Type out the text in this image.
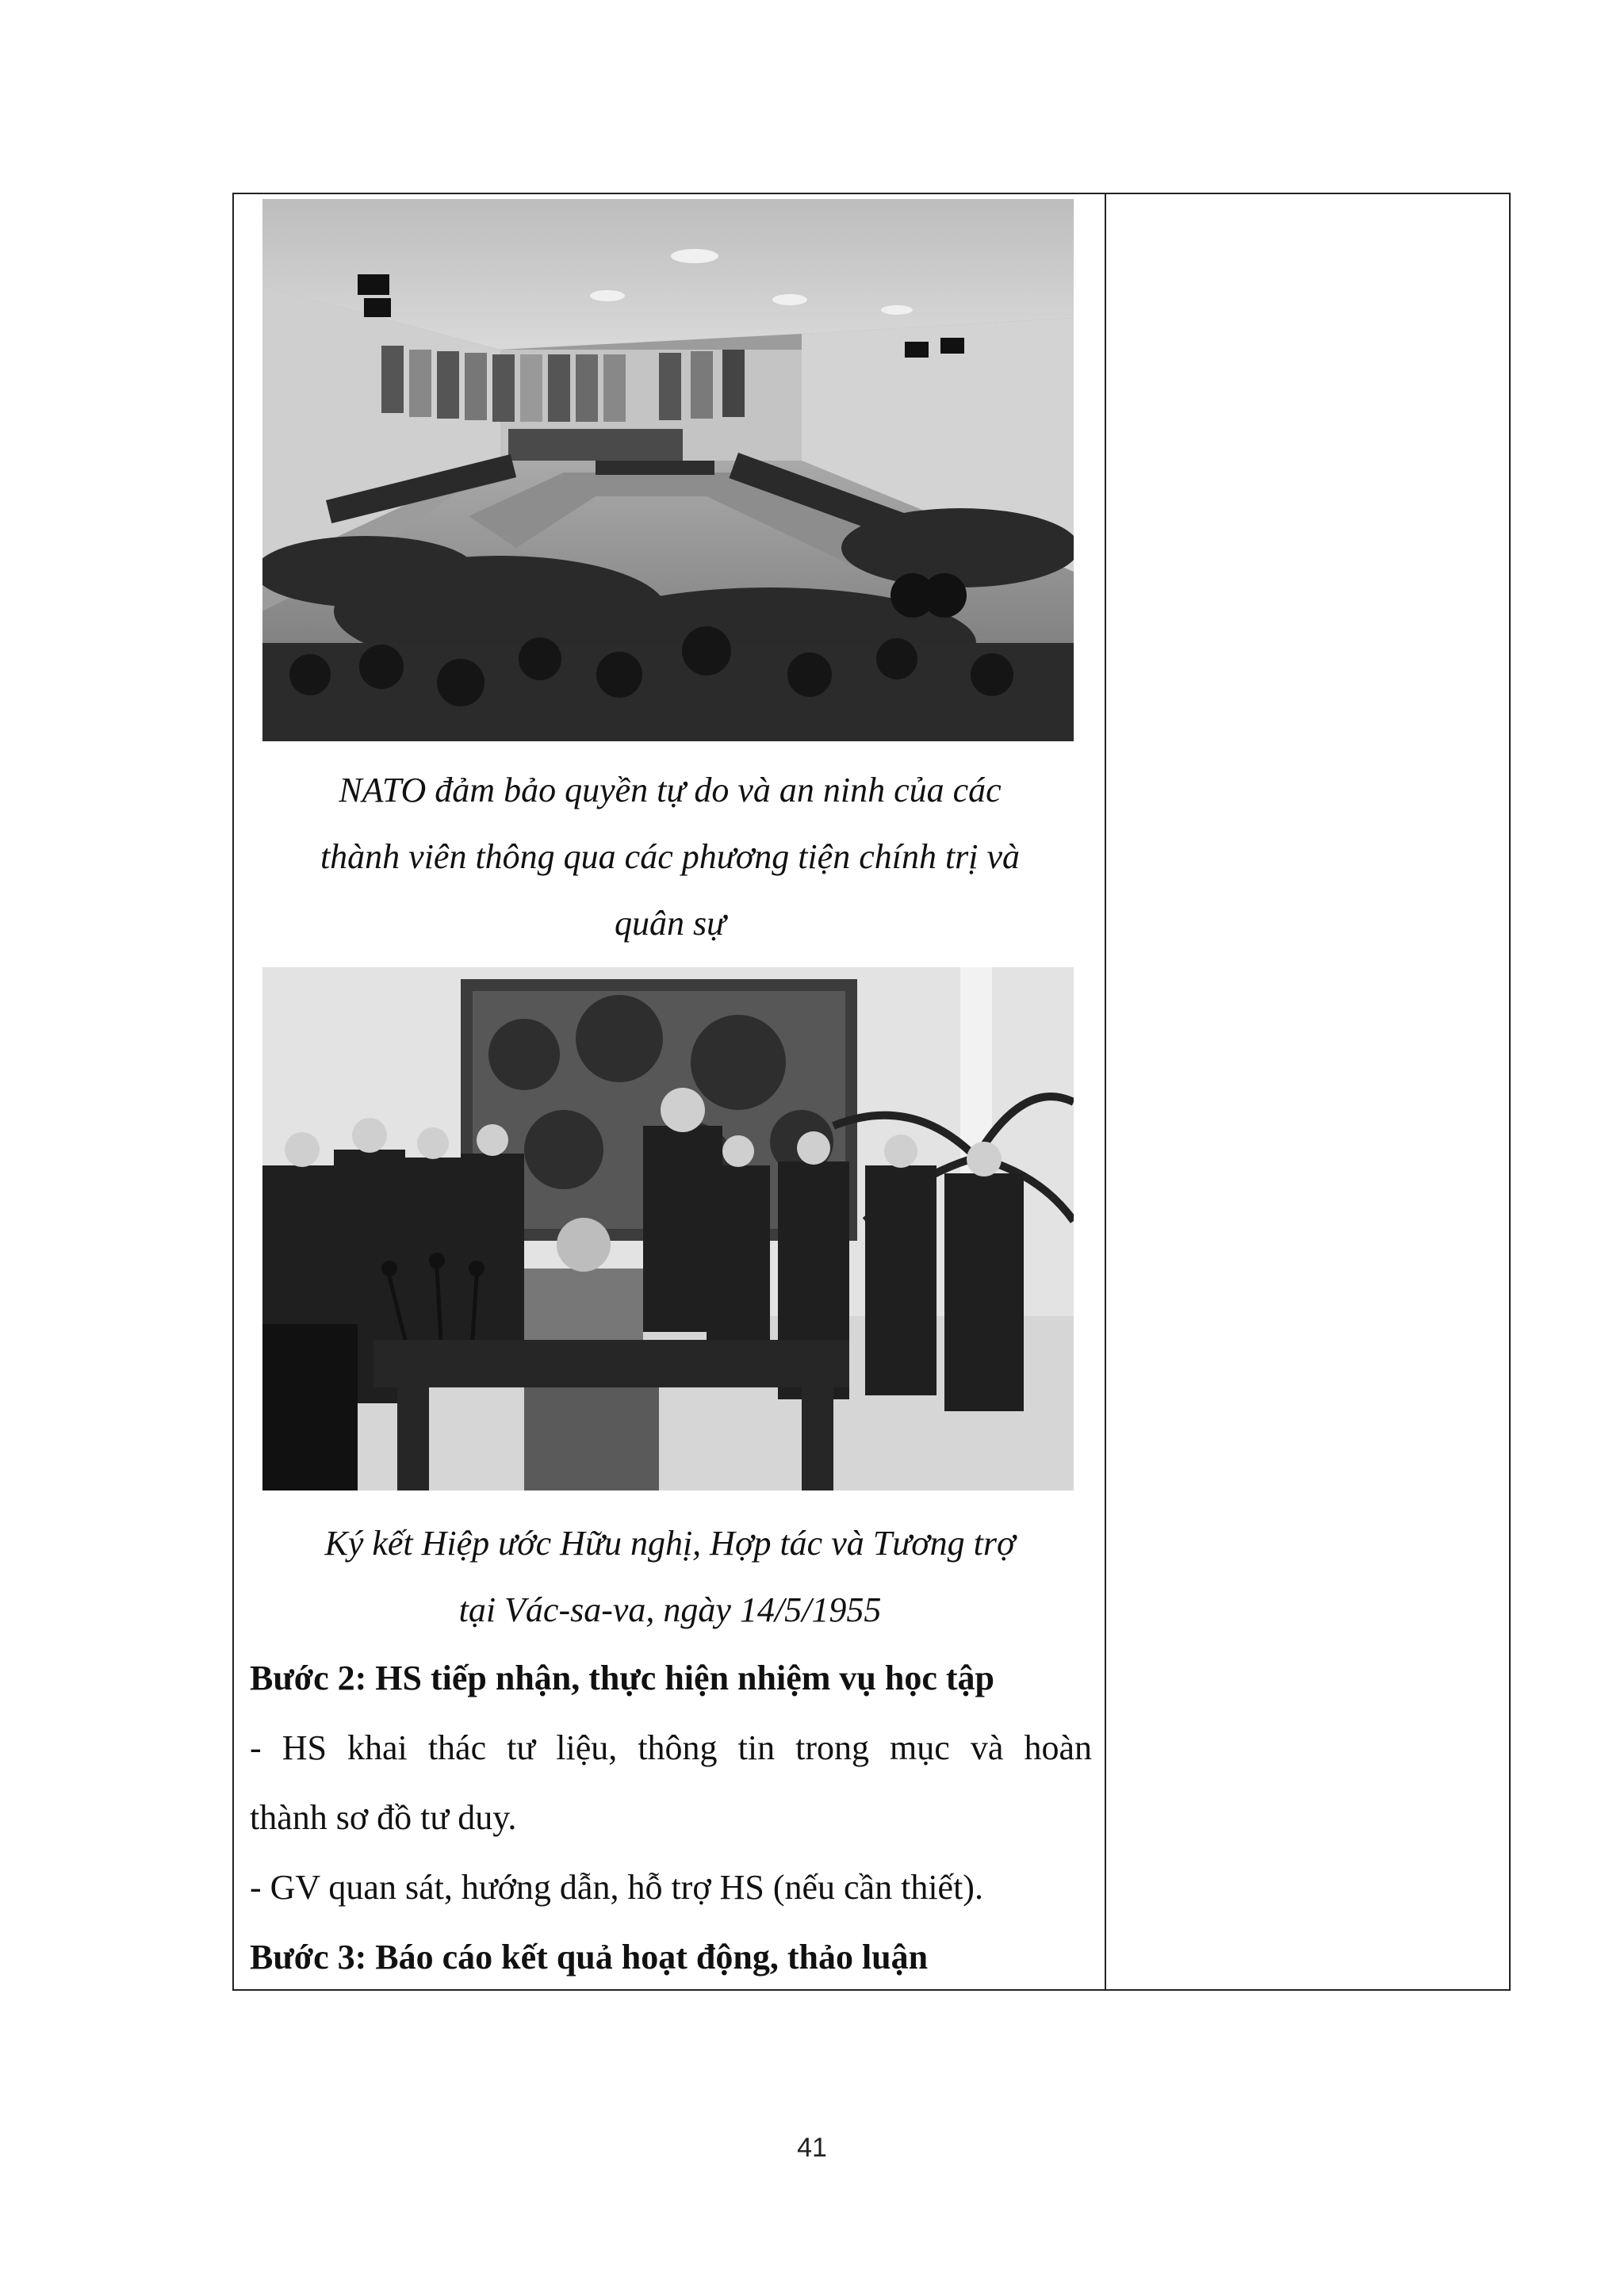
NATO đảm bảo quyền tự do và an ninh của các
thành viên thông qua các phương tiện chính trị và
quân sự
Ký kết Hiệp ước Hữu nghị, Hợp tác và Tương trợ
tại Vác-sa-va, ngày 14/5/1955
Bước 2: HS tiếp nhận, thực hiện nhiệm vụ học tập
- HS khai thác tư liệu, thông tin trong mục và hoàn
thành sơ đồ tư duy.
- GV quan sát, hướng dẫn, hỗ trợ HS (nếu cần thiết).
Bước 3: Báo cáo kết quả hoạt động, thảo luận
41
